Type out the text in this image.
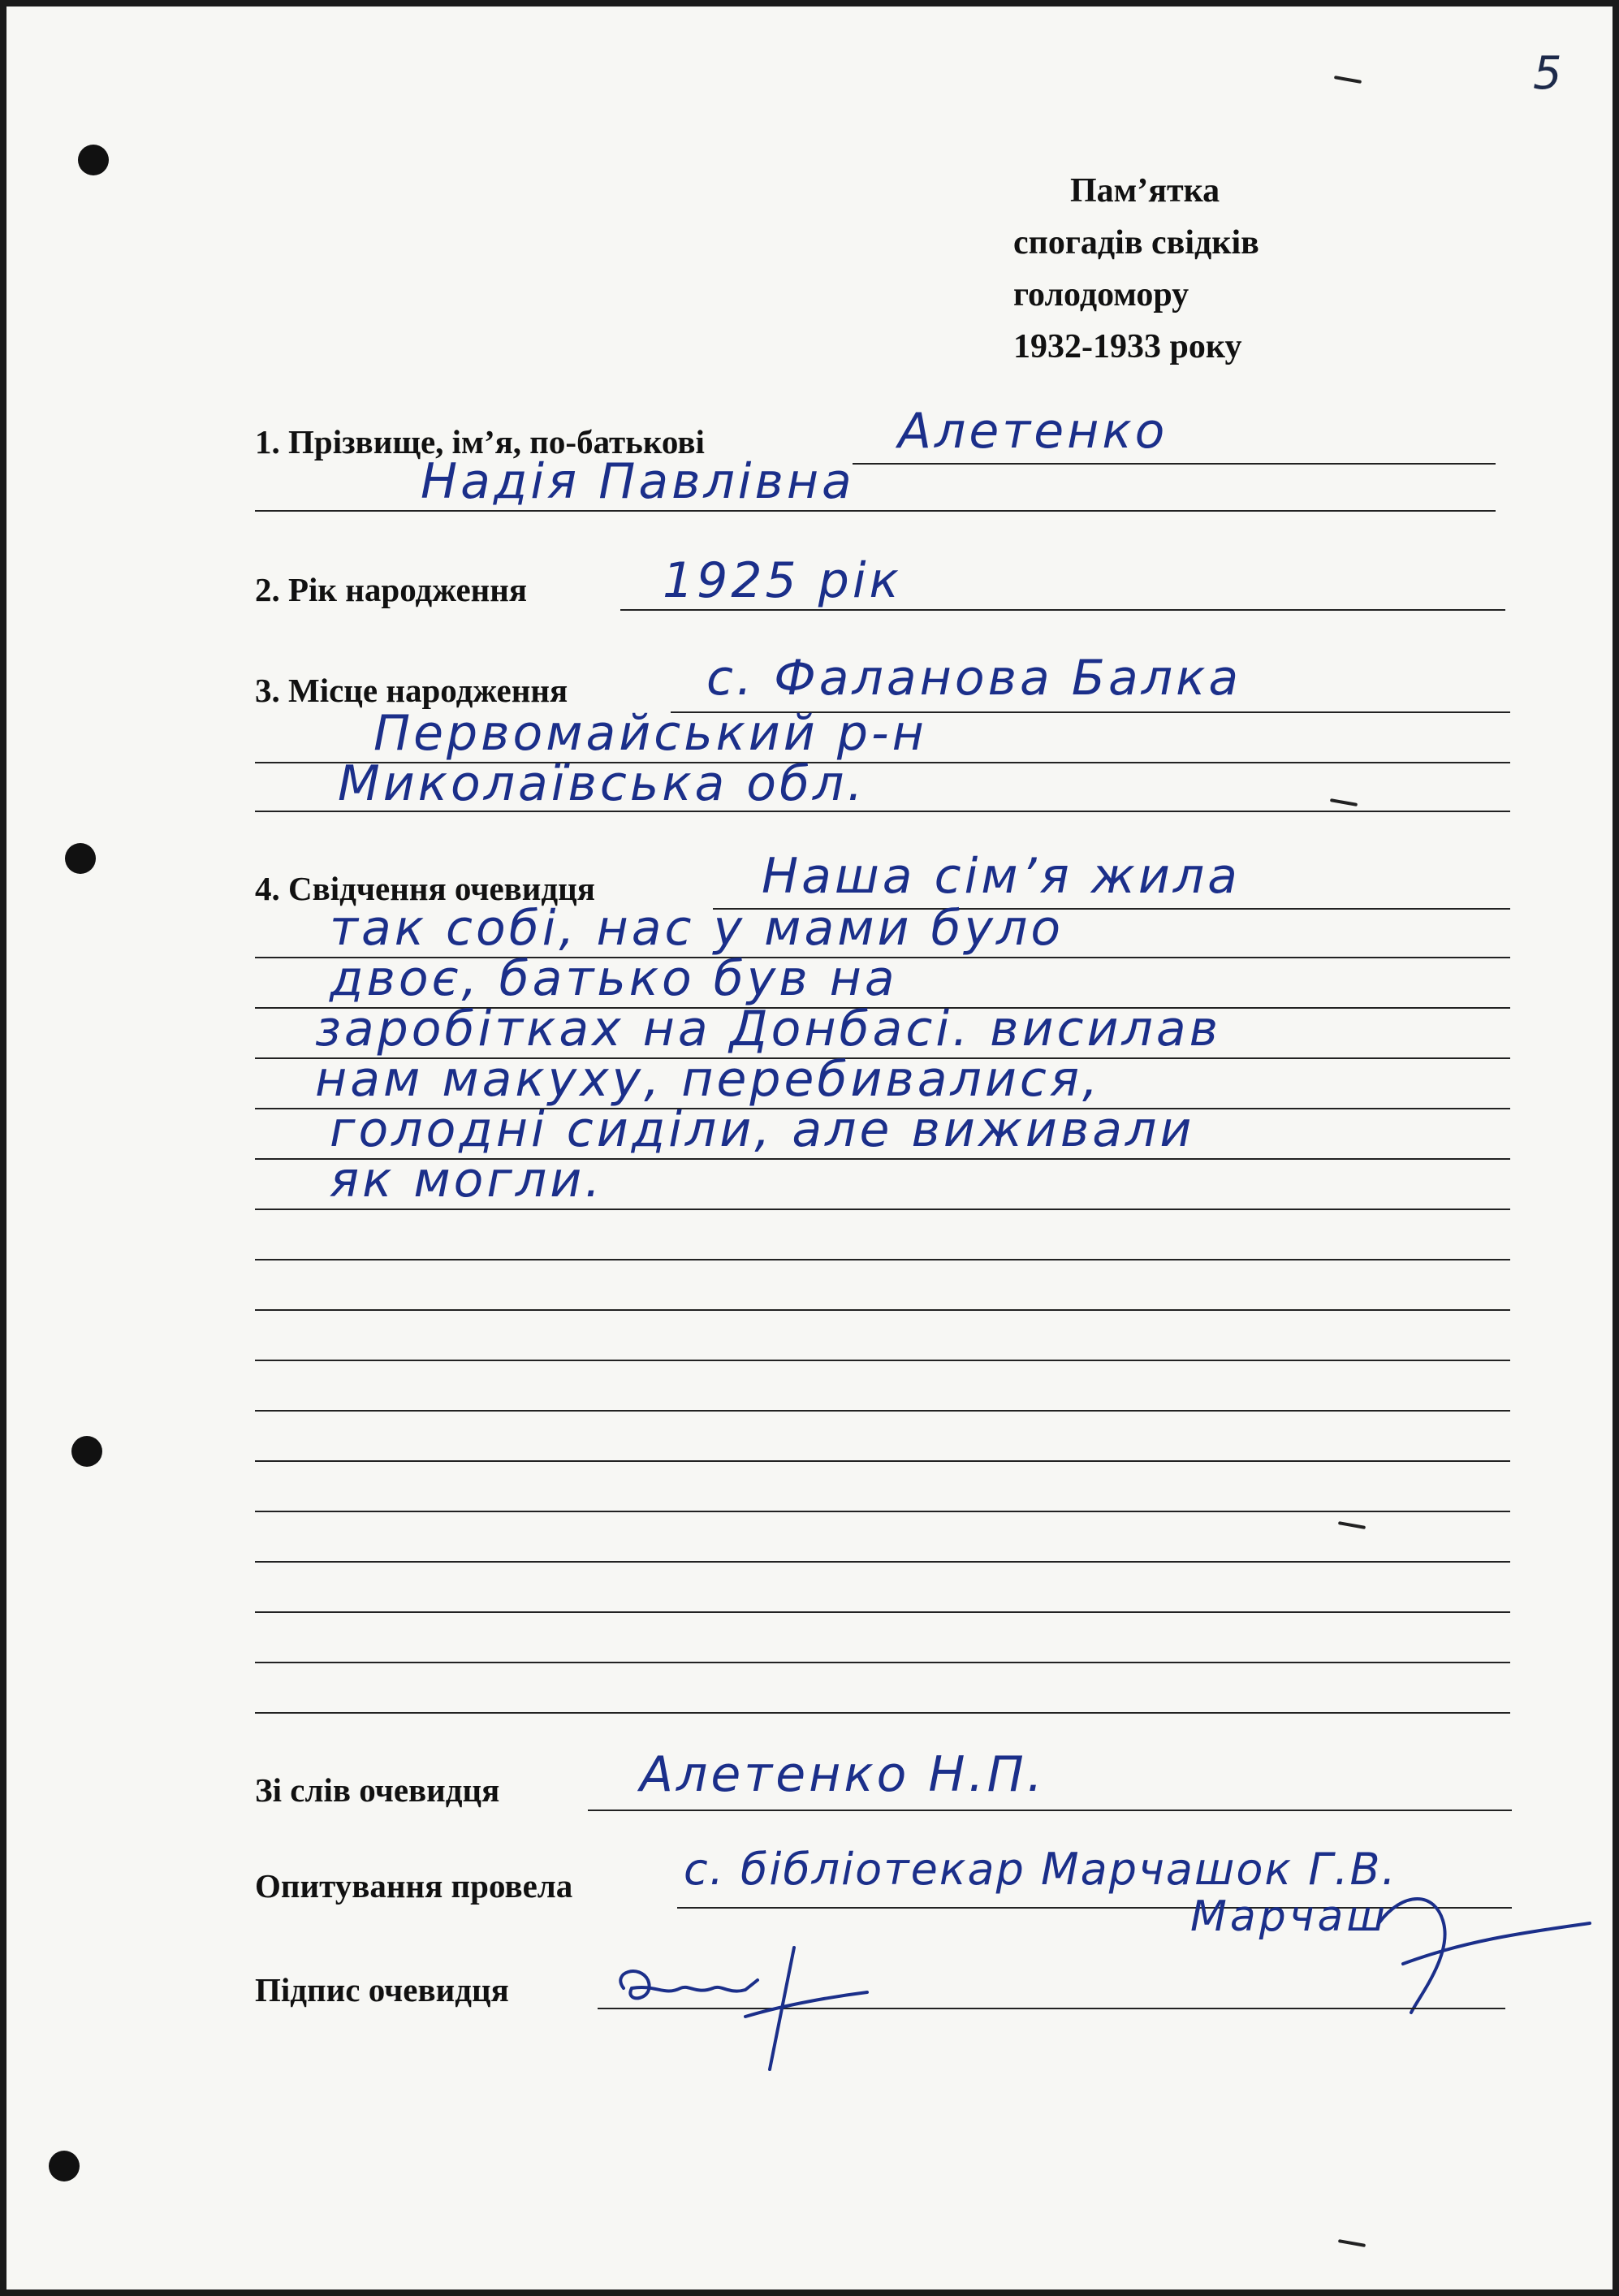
5
Пам’ятка
спогадів свідків
голодомору
1932-1933 року
1. Прізвище, ім’я, по-батькові	Алетенко
Надія Павлівна
2. Рік народження	1925 рік
3. Місце народження	с. Фаланова Балка
Первомайський р-н
Миколаївська обл.
4. Свідчення очевидця	Наша сім’я жила
так собі, нас у мами було
двоє, батько був на
заробітках на Донбасі. висилав
нам макуху, перебивалися,
голодні сиділи, але виживали
як могли.
Зі слів очевидця	Алетенко Н.П.
Опитування провела	с. бібліотекар Марчашок Г.В.
Марчаш
Підпис очевидця
